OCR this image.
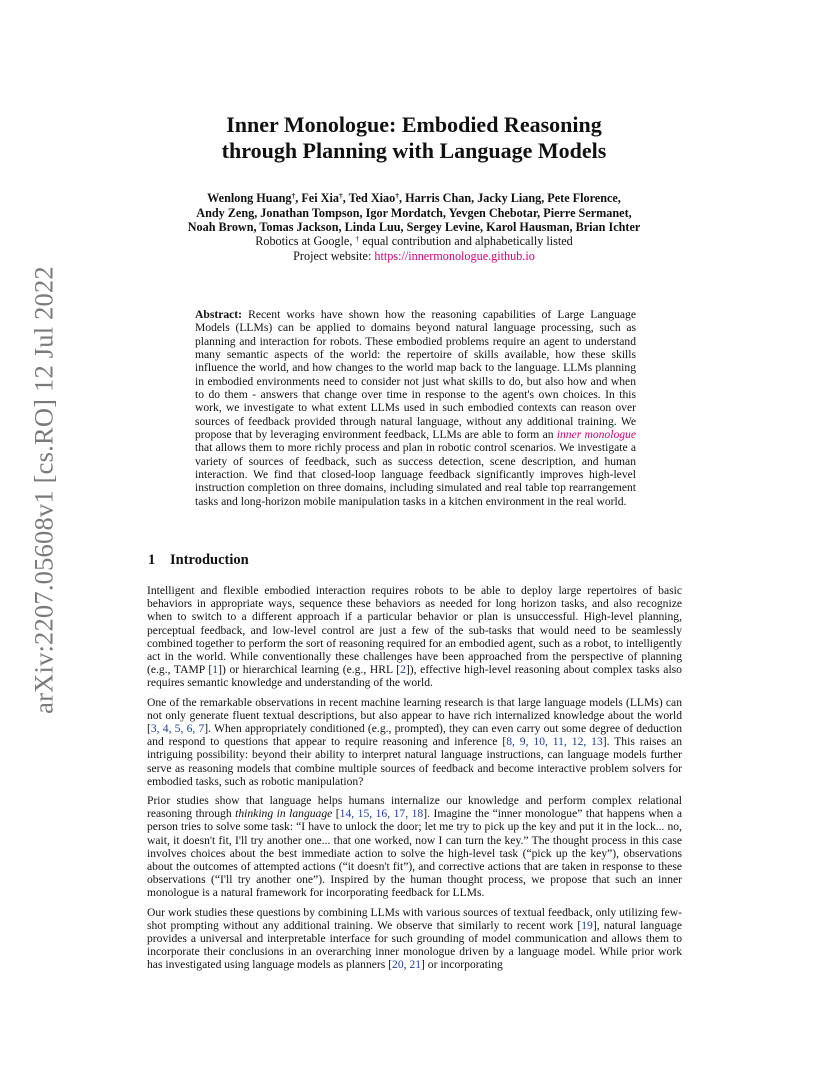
arXiv:2207.05608v1 [cs.RO] 12 Jul 2022
Inner Monologue: Embodied Reasoning
through Planning with Language Models
Wenlong Huang†, Fei Xia†, Ted Xiao†, Harris Chan, Jacky Liang, Pete Florence,
Andy Zeng, Jonathan Tompson, Igor Mordatch, Yevgen Chebotar, Pierre Sermanet,
Noah Brown, Tomas Jackson, Linda Luu, Sergey Levine, Karol Hausman, Brian Ichter
Robotics at Google, † equal contribution and alphabetically listed
Project website: https://innermonologue.github.io
Abstract: Recent works have shown how the reasoning capabilities of Large Language Models (LLMs) can be applied to domains beyond natural language processing, such as planning and interaction for robots. These embodied problems require an agent to understand many semantic aspects of the world: the repertoire of skills available, how these skills influence the world, and how changes to the world map back to the language. LLMs planning in embodied environments need to consider not just what skills to do, but also how and when to do them - answers that change over time in response to the agent's own choices. In this work, we investigate to what extent LLMs used in such embodied contexts can reason over sources of feedback provided through natural language, without any additional training. We propose that by leveraging environment feedback, LLMs are able to form an inner monologue that allows them to more richly process and plan in robotic control scenarios. We investigate a variety of sources of feedback, such as success detection, scene description, and human interaction. We find that closed-loop language feedback significantly improves high-level instruction completion on three domains, including simulated and real table top rearrangement tasks and long-horizon mobile manipulation tasks in a kitchen environment in the real world.
1 Introduction

Intelligent and flexible embodied interaction requires robots to be able to deploy large repertoires of basic behaviors in appropriate ways, sequence these behaviors as needed for long horizon tasks, and also recognize when to switch to a different approach if a particular behavior or plan is unsuccessful. High-level planning, perceptual feedback, and low-level control are just a few of the sub-tasks that would need to be seamlessly combined together to perform the sort of reasoning required for an embodied agent, such as a robot, to intelligently act in the world. While conventionally these challenges have been approached from the perspective of planning (e.g., TAMP [1]) or hierarchical learning (e.g., HRL [2]), effective high-level reasoning about complex tasks also requires semantic knowledge and understanding of the world.

One of the remarkable observations in recent machine learning research is that large language models (LLMs) can not only generate fluent textual descriptions, but also appear to have rich internalized knowledge about the world [3, 4, 5, 6, 7]. When appropriately conditioned (e.g., prompted), they can even carry out some degree of deduction and respond to questions that appear to require reasoning and inference [8, 9, 10, 11, 12, 13]. This raises an intriguing possibility: beyond their ability to interpret natural language instructions, can language models further serve as reasoning models that combine multiple sources of feedback and become interactive problem solvers for embodied tasks, such as robotic manipulation?

Prior studies show that language helps humans internalize our knowledge and perform complex relational reasoning through thinking in language [14, 15, 16, 17, 18]. Imagine the “inner monologue” that happens when a person tries to solve some task: “I have to unlock the door; let me try to pick up the key and put it in the lock... no, wait, it doesn't fit, I'll try another one... that one worked, now I can turn the key.” The thought process in this case involves choices about the best immediate action to solve the high-level task (“pick up the key”), observations about the outcomes of attempted actions (“it doesn't fit”), and corrective actions that are taken in response to these observations (“I'll try another one”). Inspired by the human thought process, we propose that such an inner monologue is a natural framework for incorporating feedback for LLMs.

Our work studies these questions by combining LLMs with various sources of textual feedback, only utilizing few-shot prompting without any additional training. We observe that similarly to recent work [19], natural language provides a universal and interpretable interface for such grounding of model communication and allows them to incorporate their conclusions in an overarching inner monologue driven by a language model. While prior work has investigated using language models as planners [20, 21] or incorporating
